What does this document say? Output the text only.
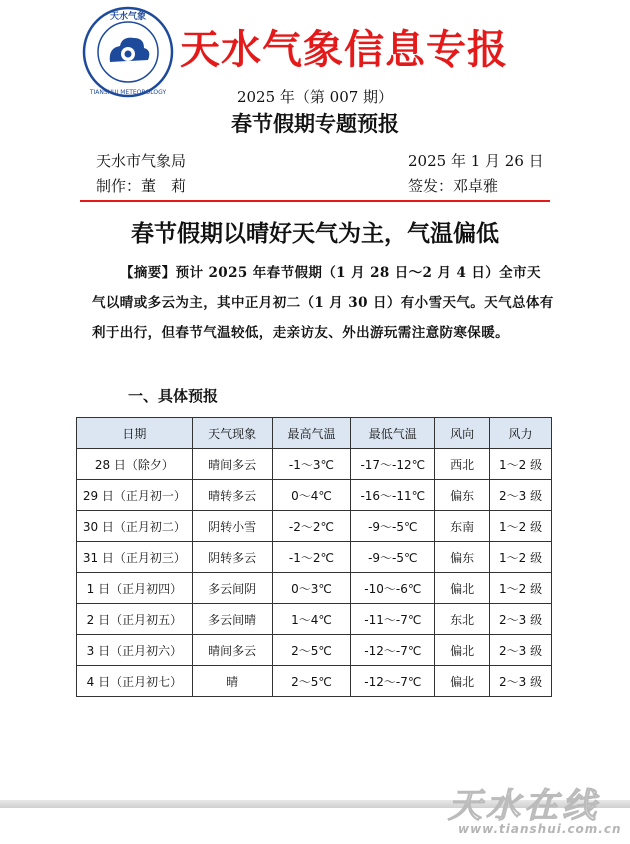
天水气象
TIANSHUI METEOROLOGY
天水气象信息专报
2025 年（第 007 期）
春节假期专题预报
天水市气象局	2025 年 1 月 26 日
制作：董　莉	签发：邓卓雅
春节假期以晴好天气为主，气温偏低
【摘要】预计 2025 年春节假期（1 月 28 日～2 月 4 日）全市天气以晴或多云为主，其中正月初二（1 月 30 日）有小雪天气。天气总体有利于出行，但春节气温较低，走亲访友、外出游玩需注意防寒保暖。
一、具体预报
日期	天气现象	最高气温	最低气温	风向	风力
28 日（除夕）	晴间多云	-1～3℃	-17～-12℃	西北	1～2 级
29 日（正月初一）	晴转多云	0～4℃	-16～-11℃	偏东	2～3 级
30 日（正月初二）	阴转小雪	-2～2℃	-9～-5℃	东南	1～2 级
31 日（正月初三）	阴转多云	-1～2℃	-9～-5℃	偏东	1～2 级
1 日（正月初四）	多云间阴	0～3℃	-10～-6℃	偏北	1～2 级
2 日（正月初五）	多云间晴	1～4℃	-11～-7℃	东北	2～3 级
3 日（正月初六）	晴间多云	2～5℃	-12～-7℃	偏北	2～3 级
4 日（正月初七）	晴	2～5℃	-12～-7℃	偏北	2～3 级
天水在线
www.tianshui.com.cn
